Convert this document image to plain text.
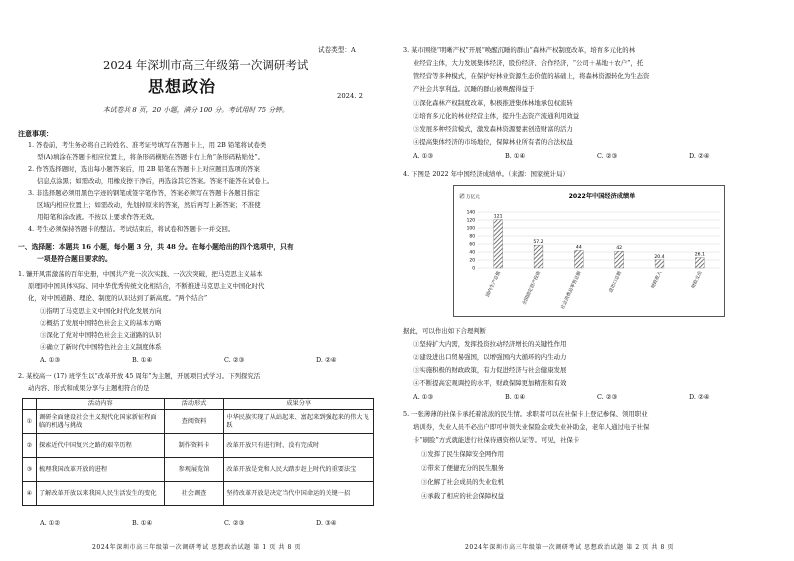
试卷类型：A
2024 年深圳市高三年级第一次调研考试
思想政治	2024. 2
本试卷共 8 页，20 小题，满分 100 分。考试用时 75 分钟。
注意事项：
1. 答卷前，考生务必将自己的姓名、准考证号填写在答题卡上，用 2B 铅笔将试卷类
型(A)填涂在答题卡相应位置上，将条形码横贴在答题卡右上角“条形码粘贴处”。
2. 作答选择题时，选出每小题答案后，用 2B 铅笔在答题卡上对应题目选项的答案
信息点涂黑；如需改动，用橡皮擦干净后，再选涂其它答案。答案不能答在试卷上。
3. 非选择题必须用黑色字迹的钢笔或签字笔作答，答案必须写在答题卡各题目指定
区域内相应位置上；如需改动，先划掉原来的答案，然后再写上新答案；不准使
用铅笔和涂改液。不按以上要求作答无效。
4. 考生必须保持答题卡的整洁。考试结束后，将试卷和答题卡一并交回。
一、选择题：本题共 16 小题，每小题 3 分，共 48 分。在每小题给出的四个选项中，只有
一项是符合题目要求的。
1. 镰开风雷激荡的百年史册，中国共产党一次次实践、一次次突破，把马克思主义基本
原理同中国具体实际、同中华优秀传统文化相结合，不断推进马克思主义中国化时代
化，对中国道路、理论、制度的认识达到了新高度。“两个结合”
①指明了马克思主义中国化时代化发展方向
②概括了发展中国特色社会主义的基本方略
③深化了党对中国特色社会主义道路的认识
④确立了新时代中国特色社会主义制度体系
A. ①③	B. ①④	C. ②③	D. ②④
2. 某校高一 (17) 班学生以“改革开放 45 周年”为主题，开展项目式学习。下列探究活
动内容、形式和成果分享与主题相符合的是
	活动内容	活动形式	成果分享
①	调研全面建设社会主义现代化国家新征程面临的机遇与挑战	查阅资料	中华民族实现了从站起来、富起来到强起来的伟大飞跃
②	探索近代中国复兴之路的艰辛历程	制作资料卡	改革开放只有进行时，没有完成时
③	梳理我国改革开放的进程	参观展览馆	改革开放是党和人民大踏步赶上时代的重要法宝
④	了解改革开放以来我国人民生活发生的变化	社会调查	坚持改革开放是决定当代中国命运的关键一招
A. ①②	B. ①④	C. ②③	D. ③④
2024年深圳市高三年级第一次调研考试 思想政治试题 第 1 页 共 8 页
3. 某市围绕“明晰产权”开展“唤醒沉睡的群山”森林产权制度改革，培育多元化的林
业经营主体，大力发展集体经济，股份经济、合作经济，“公司＋基地＋农户”，托
管经营等多种模式，在保护好林业资源生态价值的基础上，将森林资源转化为生态资
产社会共享利益。沉睡的群山被唤醒得益于
①深化森林产权制度改革，积极推进集体林地承包权流转
②培育多元化的林业经营主体，提升生态资产流通利用效益
③发展多种经营模式，激发森林资源要素创造财富的活力
④提高集体经济的市场地位，保障林业所有者的合法权益
A. ①③	B. ①④	C. ②③	D. ②④
4. 下图是 2022 年中国经济成绩单。（来源：国家统计局）
2022年中国经济成绩单
万亿元
140
120
100
80
60
40
20
0
121
国内生产总值
57.2
全国固定资产投资
44
社会消费品零售总额
42
进出口总额
20.4
财政收入
26.1
财政支出
据此，可以作出如下合理判断
①坚持扩大内需，发挥投资拉动经济增长的关键性作用
②建设进出口贸易强国，以增强国内大循环的内生动力
③实施积极的财政政策，有力促进经济与社会健康发展
④不断提高宏观调控的水平，财政保障更加精准和有效
A. ①③	B. ①④	C. ②③	D. ②④
5. 一张薄薄的社保卡承托着浓浓的民生情。求职者可以在社保卡上登记参保、领用职业
培训券，失业人员不必出户即可申领失业保险金或失业补助金，老年人通过电子社保
卡“刷脸”方式就能进行社保待遇资格认证等。可见，社保卡
①发挥了民生保障安全网作用
②带来了便捷充分的民生服务
③化解了社会成员的失业危机
④承载了相应的社会保障权益
2024年深圳市高三年级第一次调研考试 思想政治试题 第 2 页 共 8 页
